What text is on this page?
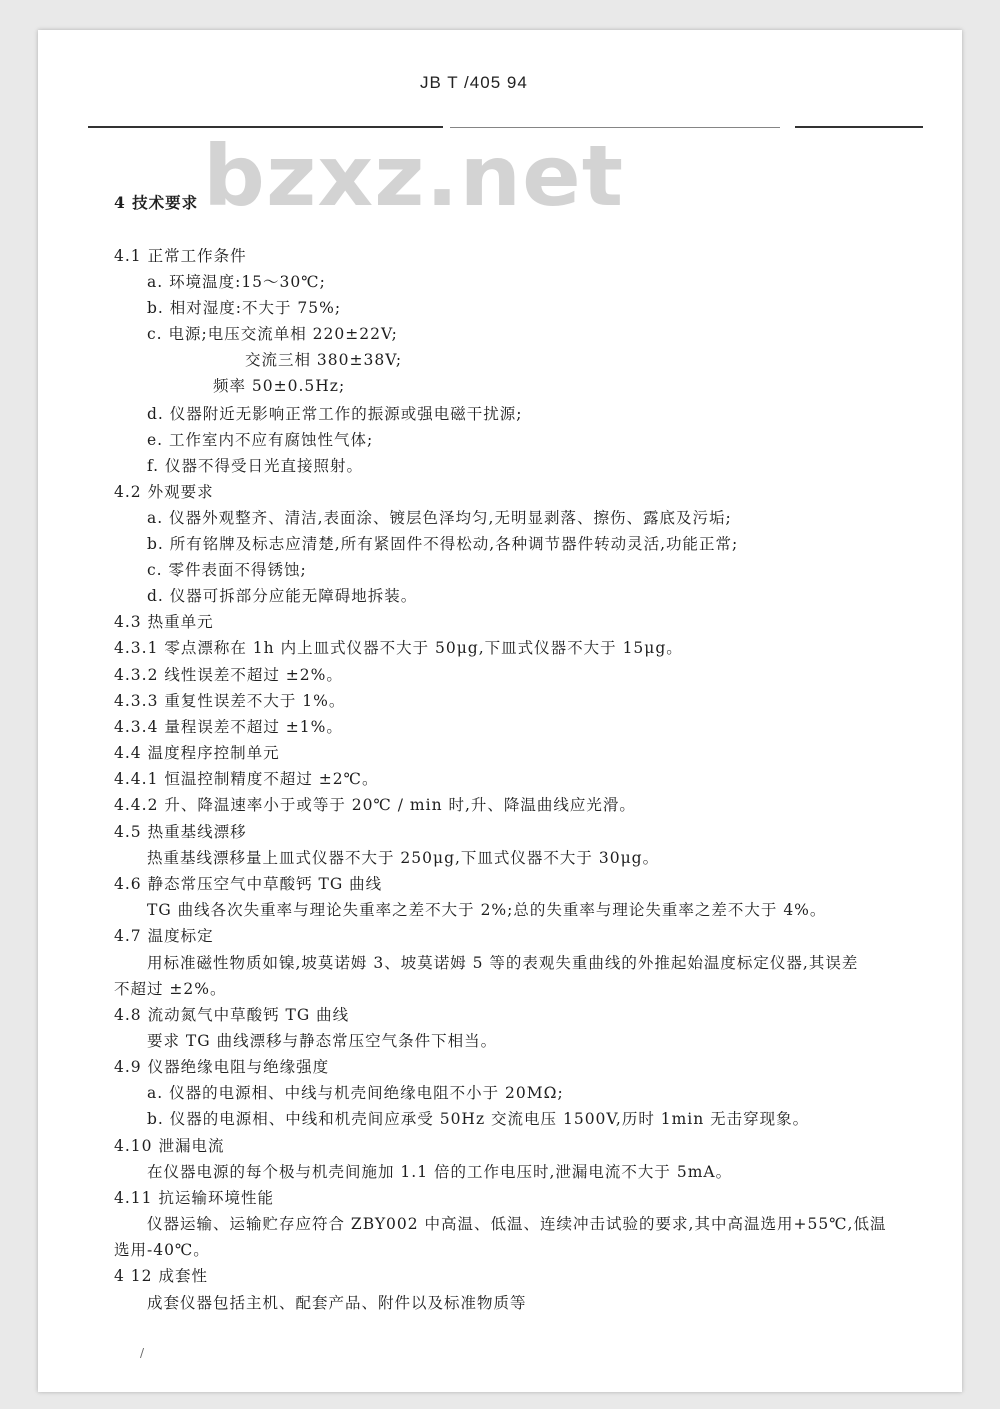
JB T /405 94
bzxz.net
4 技术要求
4.1 正常工作条件
a. 环境温度:15～30℃;
b. 相对湿度:不大于 75%;
c. 电源;电压交流单相 220±22V;
交流三相 380±38V;
频率 50±0.5Hz;
d. 仪器附近无影响正常工作的振源或强电磁干扰源;
e. 工作室内不应有腐蚀性气体;
f. 仪器不得受日光直接照射。
4.2 外观要求
a. 仪器外观整齐、清洁,表面涂、镀层色泽均匀,无明显剥落、擦伤、露底及污垢;
b. 所有铭牌及标志应清楚,所有紧固件不得松动,各种调节器件转动灵活,功能正常;
c. 零件表面不得锈蚀;
d. 仪器可拆部分应能无障碍地拆装。
4.3 热重单元
4.3.1 零点漂称在 1h 内上皿式仪器不大于 50μg,下皿式仪器不大于 15μg。
4.3.2 线性误差不超过 ±2%。
4.3.3 重复性误差不大于 1%。
4.3.4 量程误差不超过 ±1%。
4.4 温度程序控制单元
4.4.1 恒温控制精度不超过 ±2℃。
4.4.2 升、降温速率小于或等于 20℃ / min 时,升、降温曲线应光滑。
4.5 热重基线漂移
热重基线漂移量上皿式仪器不大于 250μg,下皿式仪器不大于 30μg。
4.6 静态常压空气中草酸钙 TG 曲线
TG 曲线各次失重率与理论失重率之差不大于 2%;总的失重率与理论失重率之差不大于 4%。
4.7 温度标定
用标准磁性物质如镍,坡莫诺姆 3、坡莫诺姆 5 等的表观失重曲线的外推起始温度标定仪器,其误差
不超过 ±2%。
4.8 流动氮气中草酸钙 TG 曲线
要求 TG 曲线漂移与静态常压空气条件下相当。
4.9 仪器绝缘电阻与绝缘强度
a. 仪器的电源相、中线与机壳间绝缘电阻不小于 20MΩ;
b. 仪器的电源相、中线和机壳间应承受 50Hz 交流电压 1500V,历时 1min 无击穿现象。
4.10 泄漏电流
在仪器电源的每个极与机壳间施加 1.1 倍的工作电压时,泄漏电流不大于 5mA。
4.11 抗运输环境性能
仪器运输、运输贮存应符合 ZBY002 中高温、低温、连续冲击试验的要求,其中高温选用+55℃,低温
选用-40℃。
4 12 成套性
成套仪器包括主机、配套产品、附件以及标准物质等
/
